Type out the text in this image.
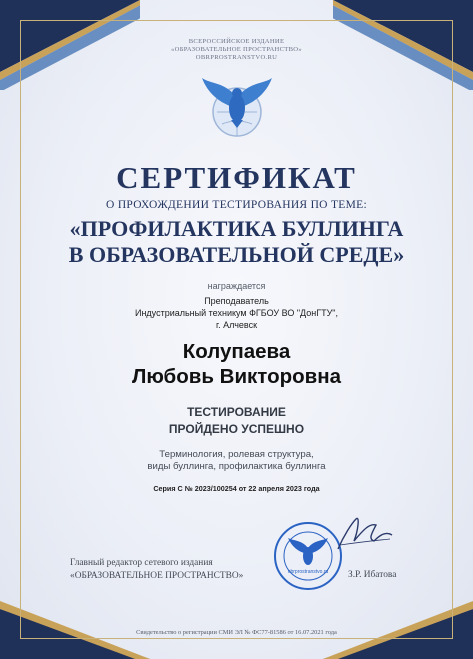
ВСЕРОССИЙСКОЕ ИЗДАНИЕ
«ОБРАЗОВАТЕЛЬНОЕ ПРОСТРАНСТВО»
OBRPROSTRANSTVO.RU
СЕРТИФИКАТ
О ПРОХОЖДЕНИИ ТЕСТИРОВАНИЯ ПО ТЕМЕ:
«ПРОФИЛАКТИКА БУЛЛИНГА
В ОБРАЗОВАТЕЛЬНОЙ СРЕДЕ»
награждается
Преподаватель
Индустриальный техникум ФГБОУ ВО "ДонГТУ",
г. Алчевск
Колупаева
Любовь Викторовна
ТЕСТИРОВАНИЕ
ПРОЙДЕНО УСПЕШНО
Терминология, ролевая структура,
виды буллинга, профилактика буллинга
Серия С № 2023/100254 от 22 апреля 2023 года
Главный редактор сетевого издания
«ОБРАЗОВАТЕЛЬНОЕ ПРОСТРАНСТВО»	obrprostranstvo.ru З.Р. Ибатова
Свидетельство о регистрации СМИ ЭЛ № ФС77-81586 от 16.07.2021 года
